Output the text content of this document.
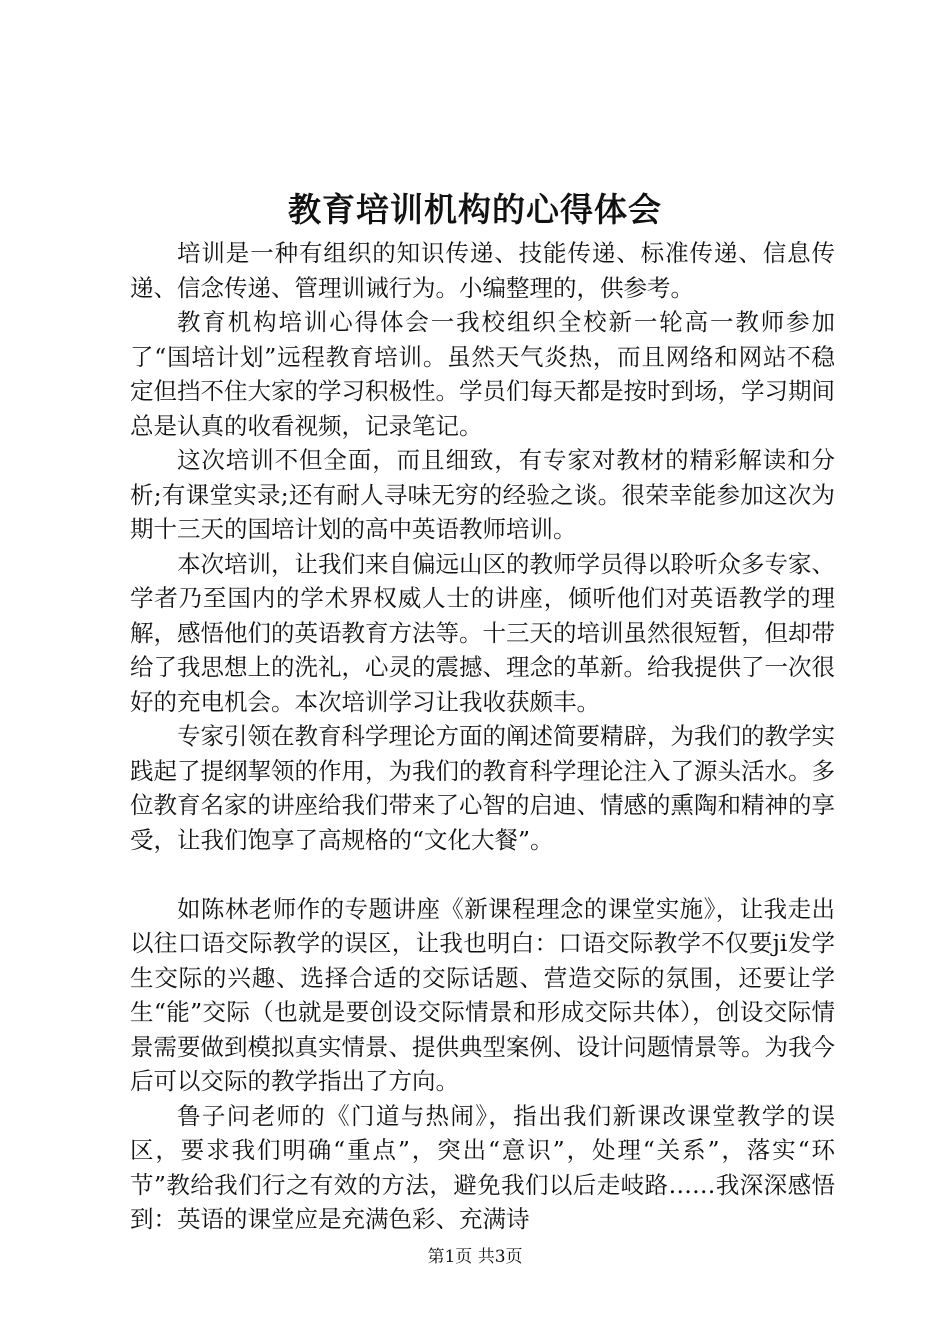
教育培训机构的心得体会

培训是一种有组织的知识传递、技能传递、标准传递、信息传递、信念传递、管理训诫行为。小编整理的，供参考。

教育机构培训心得体会一我校组织全校新一轮高一教师参加了“国培计划”远程教育培训。虽然天气炎热，而且网络和网站不稳定但挡不住大家的学习积极性。学员们每天都是按时到场，学习期间总是认真的收看视频，记录笔记。

这次培训不但全面，而且细致，有专家对教材的精彩解读和分析;有课堂实录;还有耐人寻味无穷的经验之谈。很荣幸能参加这次为期十三天的国培计划的高中英语教师培训。

本次培训，让我们来自偏远山区的教师学员得以聆听众多专家、学者乃至国内的学术界权威人士的讲座，倾听他们对英语教学的理解，感悟他们的英语教育方法等。十三天的培训虽然很短暂，但却带给了我思想上的洗礼，心灵的震撼、理念的革新。给我提供了一次很好的充电机会。本次培训学习让我收获颇丰。

专家引领在教育科学理论方面的阐述简要精辟，为我们的教学实践起了提纲挈领的作用，为我们的教育科学理论注入了源头活水。多位教育名家的讲座给我们带来了心智的启迪、情感的熏陶和精神的享受，让我们饱享了高规格的“文化大餐”。

如陈林老师作的专题讲座《新课程理念的课堂实施》，让我走出以往口语交际教学的误区，让我也明白：口语交际教学不仅要ji发学生交际的兴趣、选择合适的交际话题、营造交际的氛围，还要让学生“能”交际（也就是要创设交际情景和形成交际共体），创设交际情景需要做到模拟真实情景、提供典型案例、设计问题情景等。为我今后可以交际的教学指出了方向。

鲁子问老师的《门道与热闹》，指出我们新课改课堂教学的误区，要求我们明确“重点”，突出“意识”，处理“关系”，落实“环节”教给我们行之有效的方法，避免我们以后走岐路……我深深感悟到：英语的课堂应是充满色彩、充满诗

第1页 共3页
